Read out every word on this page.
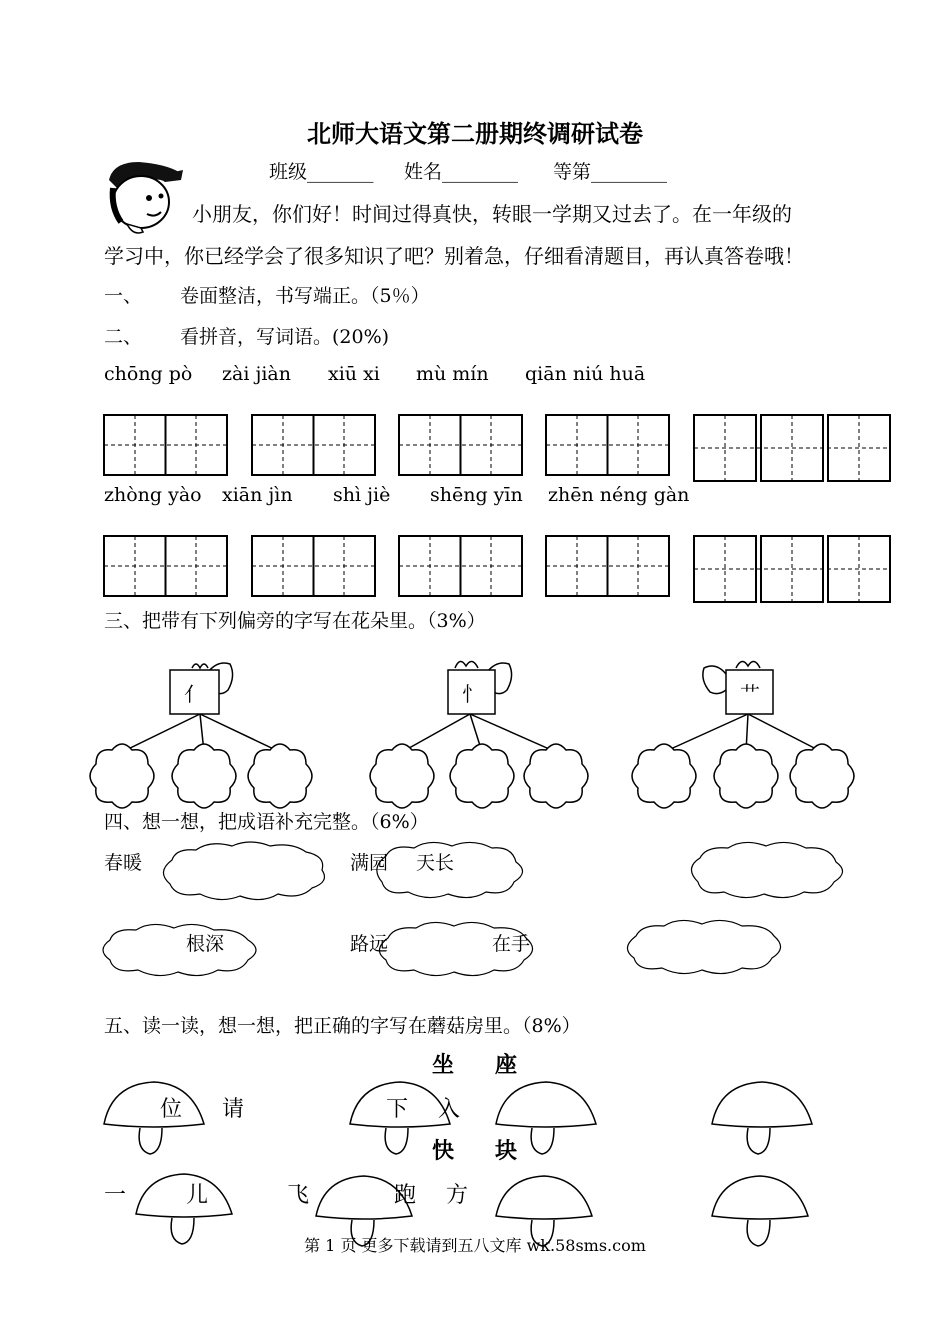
北师大语文第二册期终调研试卷
班级_______ 姓名________ 等第________
小朋友，你们好！时间过得真快，转眼一学期又过去了。在一年级的
学习中，你已经学会了很多知识了吧？别着急，仔细看清题目，再认真答卷哦！
一、 卷面整洁，书写端正。（5％）
二、 看拼音，写词语。(20%)
chōng pò zài jiàn xiū xi mù mín qiān niú huā
zhòng yào xiān jìn shì jiè shēng yīn zhēn néng gàn
三、把带有下列偏旁的字写在花朵里。（3%）
亻	忄	艹
四、想一想，把成语补充完整。（6%）
春暖	满园 天长
根深	路远	在手
五、读一读，想一想，把正确的字写在蘑菇房里。（8%）
坐 座
位 请	下 入
快 块
一	儿	飞	跑 方
第 1 页 更多下载请到五八文库 wk.58sms.com
